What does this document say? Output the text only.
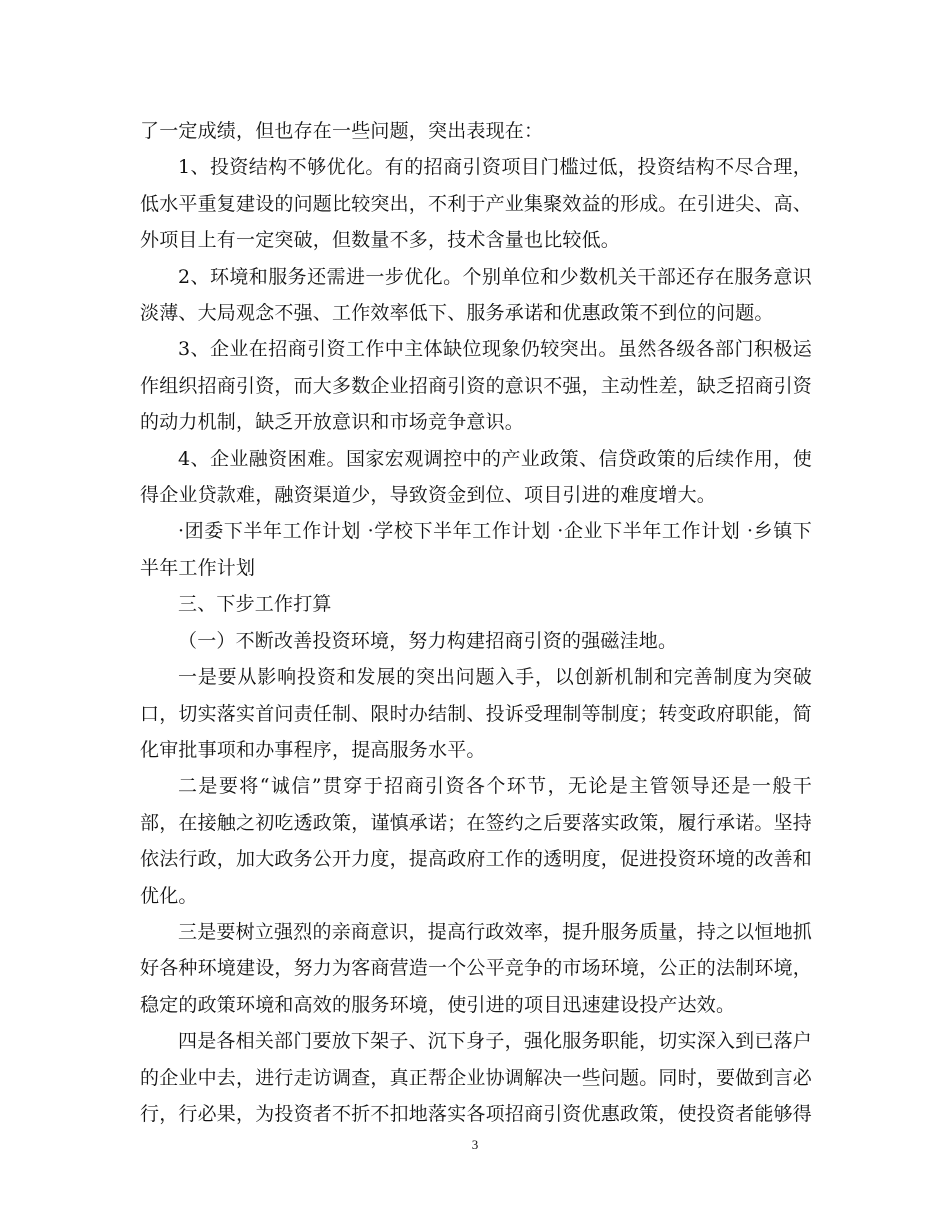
了一定成绩，但也存在一些问题，突出表现在：

1、投资结构不够优化。有的招商引资项目门槛过低，投资结构不尽合理，低水平重复建设的问题比较突出，不利于产业集聚效益的形成。在引进尖、高、外项目上有一定突破，但数量不多，技术含量也比较低。

2、环境和服务还需进一步优化。个别单位和少数机关干部还存在服务意识淡薄、大局观念不强、工作效率低下、服务承诺和优惠政策不到位的问题。

3、企业在招商引资工作中主体缺位现象仍较突出。虽然各级各部门积极运作组织招商引资，而大多数企业招商引资的意识不强，主动性差，缺乏招商引资的动力机制，缺乏开放意识和市场竞争意识。

4、企业融资困难。国家宏观调控中的产业政策、信贷政策的后续作用，使得企业贷款难，融资渠道少，导致资金到位、项目引进的难度增大。

·团委下半年工作计划 ·学校下半年工作计划 ·企业下半年工作计划 ·乡镇下半年工作计划

三、下步工作打算

（一）不断改善投资环境，努力构建招商引资的强磁洼地。

一是要从影响投资和发展的突出问题入手，以创新机制和完善制度为突破口，切实落实首问责任制、限时办结制、投诉受理制等制度；转变政府职能，简化审批事项和办事程序，提高服务水平。

二是要将“诚信”贯穿于招商引资各个环节，无论是主管领导还是一般干部，在接触之初吃透政策，谨慎承诺；在签约之后要落实政策，履行承诺。坚持依法行政，加大政务公开力度，提高政府工作的透明度，促进投资环境的改善和优化。

三是要树立强烈的亲商意识，提高行政效率，提升服务质量，持之以恒地抓好各种环境建设，努力为客商营造一个公平竞争的市场环境，公正的法制环境，稳定的政策环境和高效的服务环境，使引进的项目迅速建设投产达效。

四是各相关部门要放下架子、沉下身子，强化服务职能，切实深入到已落户的企业中去，进行走访调查，真正帮企业协调解决一些问题。同时，要做到言必行，行必果，为投资者不折不扣地落实各项招商引资优惠政策，使投资者能够得

3
